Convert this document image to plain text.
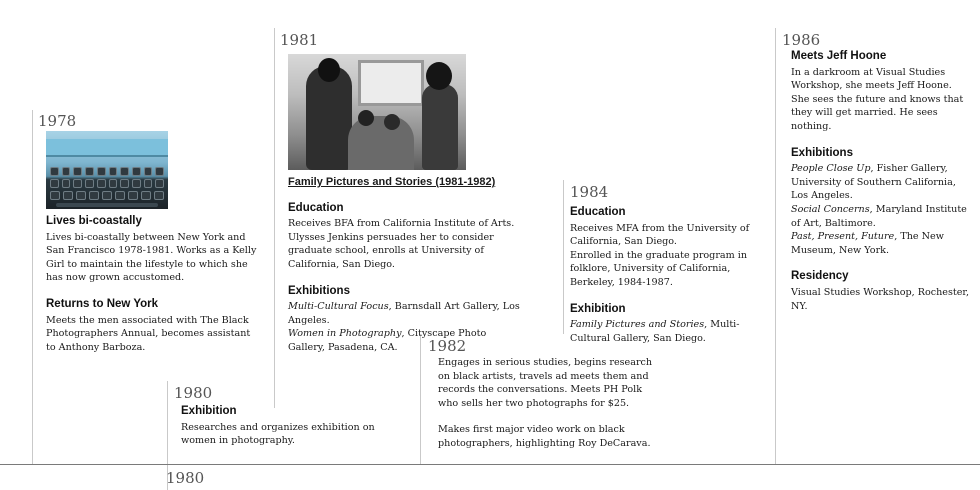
1978
Lives bi-coastally

Lives bi-coastally between New York and San Francisco 1978-1981. Works as a Kelly Girl to maintain the lifestyle to which she has now grown accustomed.

Returns to New York

Meets the men associated with The Black Photographers Annual, becomes assistant to Anthony Barboza.

1980
Exhibition

Researches and organizes exhibition on women in photography.

1980
1981
Family Pictures and Stories (1981-1982)
Education

Receives BFA from California Institute of Arts.

Ulysses Jenkins persuades her to consider graduate school, enrolls at University of California, San Diego.

Exhibitions

Multi-Cultural Focus, Barnsdall Art Gallery, Los Angeles.

Women in Photography, Cityscape Photo Gallery, Pasadena, CA.	1982

Engages in serious studies, begins research on black artists, travels ad meets them and records the conversations. Meets PH Polk who sells her two photographs for $25.

Makes first major video work on black photographers, highlighting Roy DeCarava.

1984
Education

Receives MFA from the University of California, San Diego.

Enrolled in the graduate program in folklore, University of California, Berkeley, 1984-1987.

Exhibition

Family Pictures and Stories, Multi-Cultural Gallery, San Diego.

1986
Meets Jeff Hoone

In a darkroom at Visual Studies Workshop, she meets Jeff Hoone. She sees the future and knows that they will get married. He sees nothing.

Exhibitions

People Close Up, Fisher Gallery, University of Southern California, Los Angeles.

Social Concerns, Maryland Institute of Art, Baltimore.

Past, Present, Future, The New Museum, New York.

Residency

Visual Studies Workshop, Rochester, NY.
